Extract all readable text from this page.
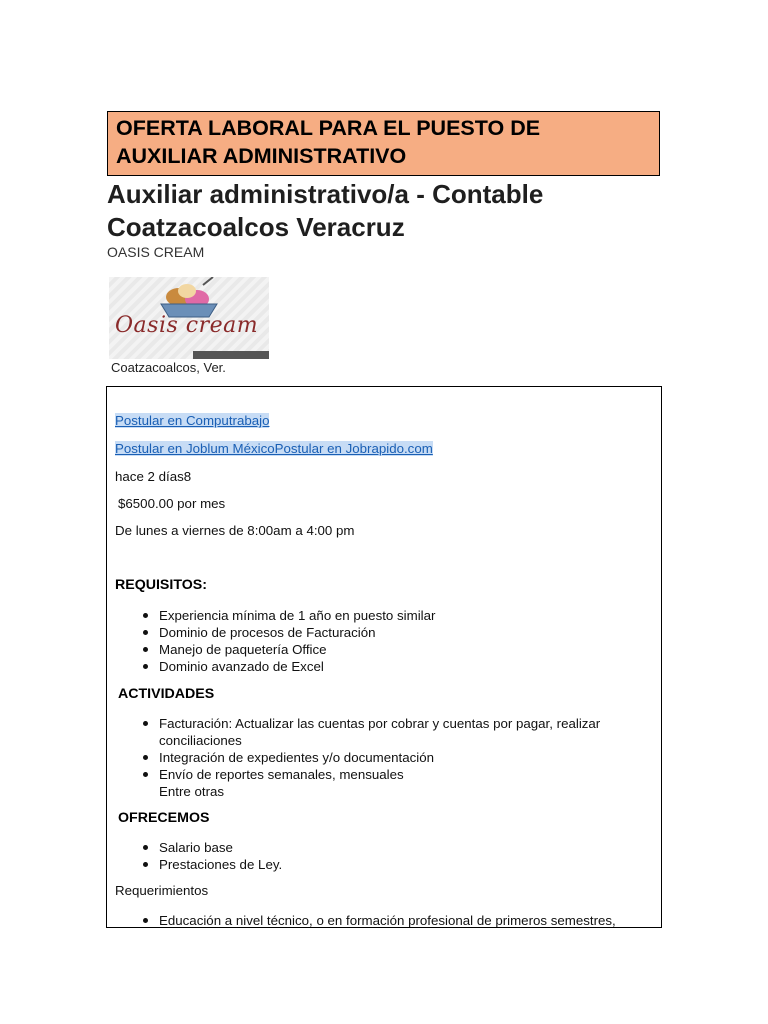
OFERTA LABORAL PARA EL PUESTO DE
AUXILIAR ADMINISTRATIVO
Auxiliar administrativo/a - Contable
Coatzacoalcos Veracruz
OASIS CREAM
Oasis cream
Coatzacoalcos, Ver.
Postular en Computrabajo
Postular en Joblum MéxicoPostular en Jobrapido.com
hace 2 días8
$6500.00 por mes
De lunes a viernes de 8:00am a 4:00 pm
REQUISITOS:
Experiencia mínima de 1 año en puesto similar
Dominio de procesos de Facturación
Manejo de paquetería Office
Dominio avanzado de Excel
ACTIVIDADES
Facturación: Actualizar las cuentas por cobrar y cuentas por pagar, realizar conciliaciones
Integración de expedientes y/o documentación
Envío de reportes semanales, mensuales
Entre otras
OFRECEMOS
Salario base
Prestaciones de Ley.
Requerimientos
Educación a nivel técnico, o en formación profesional de primeros semestres,
